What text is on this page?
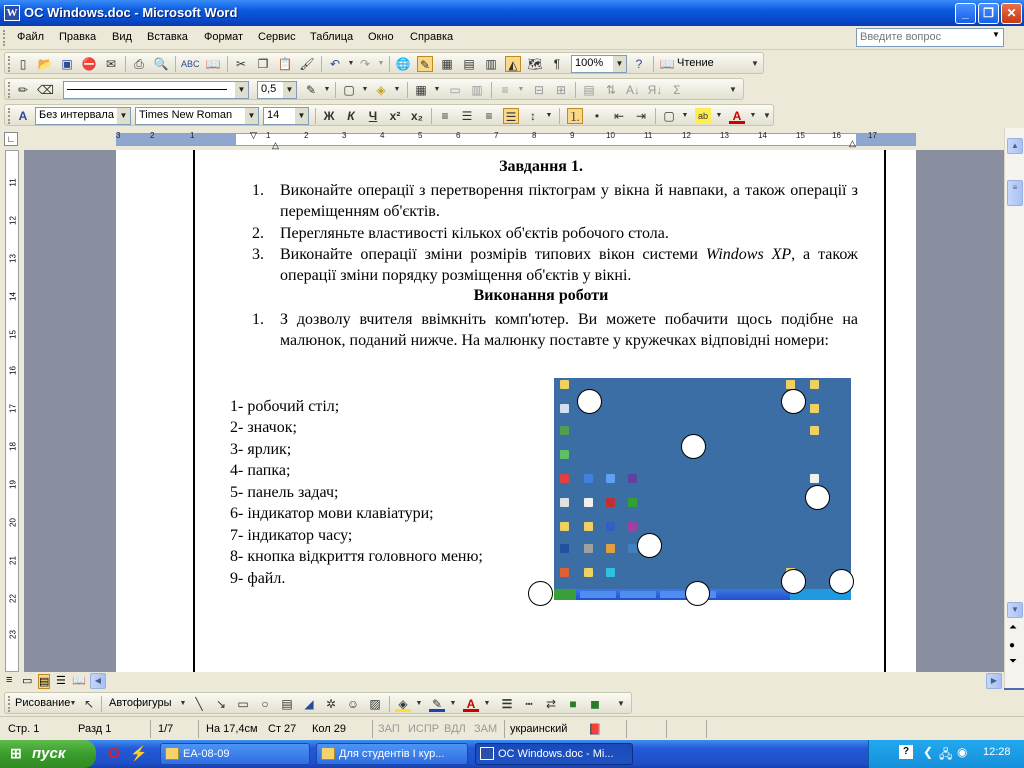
W ОС Windows.doc - Microsoft Word	_	❐	✕
Файл Правка Вид Вставка Формат Сервис Таблица Окно Справка	Введите вопрос	▼
▯ 📂 ▣ ⛔ ✉ ⎙ 🔍 ABC 📖 ✂ ❐ 📋 🖌 ↶	▼ ↷	▼ 🌐 ✎ ▦ ▤ ▥ ◭ 🗺 ¶	100%	▼	?	📖 Чтение	▼
✏ ⌫	▼	0,5	▼ ✎	▼	▢ ▼ ◈	▼	▦ ▼ ▭ ▥	≡	▼ ⊟ ⊞ ▤ ⇅ A↓ Я↓ Σ	▼
A	Без интервала ▼	Times New Roman	▼	14	▼ Ж	К	Ч	x² x₂	≡	☰	≡	☰	↕	▼	⒈	•	⇤ ⇥ ▢ ▼	ab	▼ A	▼ ▼
∟	3	2	1	1	2	3	4	5	6	7	8	9	10	11	12	13	14	15	16	17
▽
△	△
11
12
13
14
15
16
17
18
19
20
21
22
23
Завдання 1.
1. Виконайте операції з перетворення піктограм у вікна й навпаки, а також операції з переміщенням об'єктів.
2. Перегляньте властивості кількох об'єктів робочого стола.
3. Виконайте операції зміни розмірів типових вікон системи Windows XP, а також операції зміни порядку розміщення об'єктів у вікні.
Виконання роботи
1. З дозволу вчителя ввімкніть комп'ютер. Ви можете побачити щось подібне на малюнок, поданий нижче. На малюнку поставте у кружечках відповідні номери:
1- робочий стіл;
2- значок;
3- ярлик;
4- папка;
5- панель задач;
6- індикатор мови клавіатури;
7- індикатор часу;
8- кнопка відкриття головного меню;
9- файл.
▲
≡
▼
⏶
●
⏷
≡ ▭ ▤ ☰ 📖	◀	▶
Рисование ▼ ↖ Автофигуры	▼ ╲	↘ ▭	○	▤ ◢ ✲ ☺ ▨ ◈	▼ ✎	▼ A	▼ ☰	┅	⇄	■	◼	▼
Стр. 1	Разд 1	1/7	На 17,4см Ст 27 Кол 29	ЗАП ИСПР ВДЛ ЗАМ украинский 📕
⊞ пуск	O ⚡	EA-08-09	Для студентів І кур...	ОС Windows.doc - Mi...	?	❮ 🖧 ◉ 12:28
